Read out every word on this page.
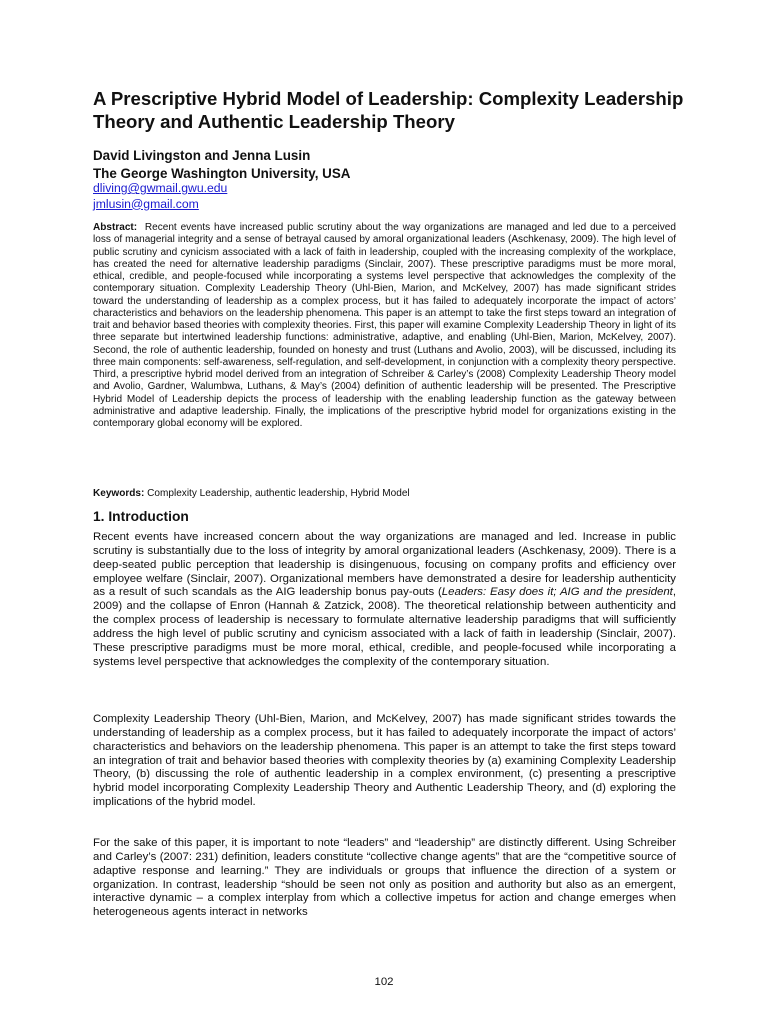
A Prescriptive Hybrid Model of Leadership: Complexity Leadership Theory and Authentic Leadership Theory
David Livingston and Jenna Lusin
The George Washington University, USA
dliving@gwmail.gwu.edu
jmlusin@gmail.com

Abstract: Recent events have increased public scrutiny about the way organizations are managed and led due to a perceived loss of managerial integrity and a sense of betrayal caused by amoral organizational leaders (Aschkenasy, 2009). The high level of public scrutiny and cynicism associated with a lack of faith in leadership, coupled with the increasing complexity of the workplace, has created the need for alternative leadership paradigms (Sinclair, 2007). These prescriptive paradigms must be more moral, ethical, credible, and people-focused while incorporating a systems level perspective that acknowledges the complexity of the contemporary situation. Complexity Leadership Theory (Uhl-Bien, Marion, and McKelvey, 2007) has made significant strides toward the understanding of leadership as a complex process, but it has failed to adequately incorporate the impact of actors’ characteristics and behaviors on the leadership phenomena. This paper is an attempt to take the first steps toward an integration of trait and behavior based theories with complexity theories. First, this paper will examine Complexity Leadership Theory in light of its three separate but intertwined leadership functions: administrative, adaptive, and enabling (Uhl-Bien, Marion, McKelvey, 2007). Second, the role of authentic leadership, founded on honesty and trust (Luthans and Avolio, 2003), will be discussed, including its three main components: self-awareness, self-regulation, and self-development, in conjunction with a complexity theory perspective. Third, a prescriptive hybrid model derived from an integration of Schreiber & Carley’s (2008) Complexity Leadership Theory model and Avolio, Gardner, Walumbwa, Luthans, & May’s (2004) definition of authentic leadership will be presented. The Prescriptive Hybrid Model of Leadership depicts the process of leadership with the enabling leadership function as the gateway between administrative and adaptive leadership. Finally, the implications of the prescriptive hybrid model for organizations existing in the contemporary global economy will be explored.

Keywords: Complexity Leadership, authentic leadership, Hybrid Model

1. Introduction

Recent events have increased concern about the way organizations are managed and led. Increase in public scrutiny is substantially due to the loss of integrity by amoral organizational leaders (Aschkenasy, 2009). There is a deep-seated public perception that leadership is disingenuous, focusing on company profits and efficiency over employee welfare (Sinclair, 2007). Organizational members have demonstrated a desire for leadership authenticity as a result of such scandals as the AIG leadership bonus pay-outs (Leaders: Easy does it; AIG and the president, 2009) and the collapse of Enron (Hannah & Zatzick, 2008). The theoretical relationship between authenticity and the complex process of leadership is necessary to formulate alternative leadership paradigms that will sufficiently address the high level of public scrutiny and cynicism associated with a lack of faith in leadership (Sinclair, 2007). These prescriptive paradigms must be more moral, ethical, credible, and people-focused while incorporating a systems level perspective that acknowledges the complexity of the contemporary situation.

Complexity Leadership Theory (Uhl-Bien, Marion, and McKelvey, 2007) has made significant strides towards the understanding of leadership as a complex process, but it has failed to adequately incorporate the impact of actors’ characteristics and behaviors on the leadership phenomena. This paper is an attempt to take the first steps toward an integration of trait and behavior based theories with complexity theories by (a) examining Complexity Leadership Theory, (b) discussing the role of authentic leadership in a complex environment, (c) presenting a prescriptive hybrid model incorporating Complexity Leadership Theory and Authentic Leadership Theory, and (d) exploring the implications of the hybrid model.

For the sake of this paper, it is important to note “leaders” and “leadership” are distinctly different. Using Schreiber and Carley’s (2007: 231) definition, leaders constitute “collective change agents” that are the “competitive source of adaptive response and learning.” They are individuals or groups that influence the direction of a system or organization. In contrast, leadership “should be seen not only as position and authority but also as an emergent, interactive dynamic – a complex interplay from which a collective impetus for action and change emerges when heterogeneous agents interact in networks

102
